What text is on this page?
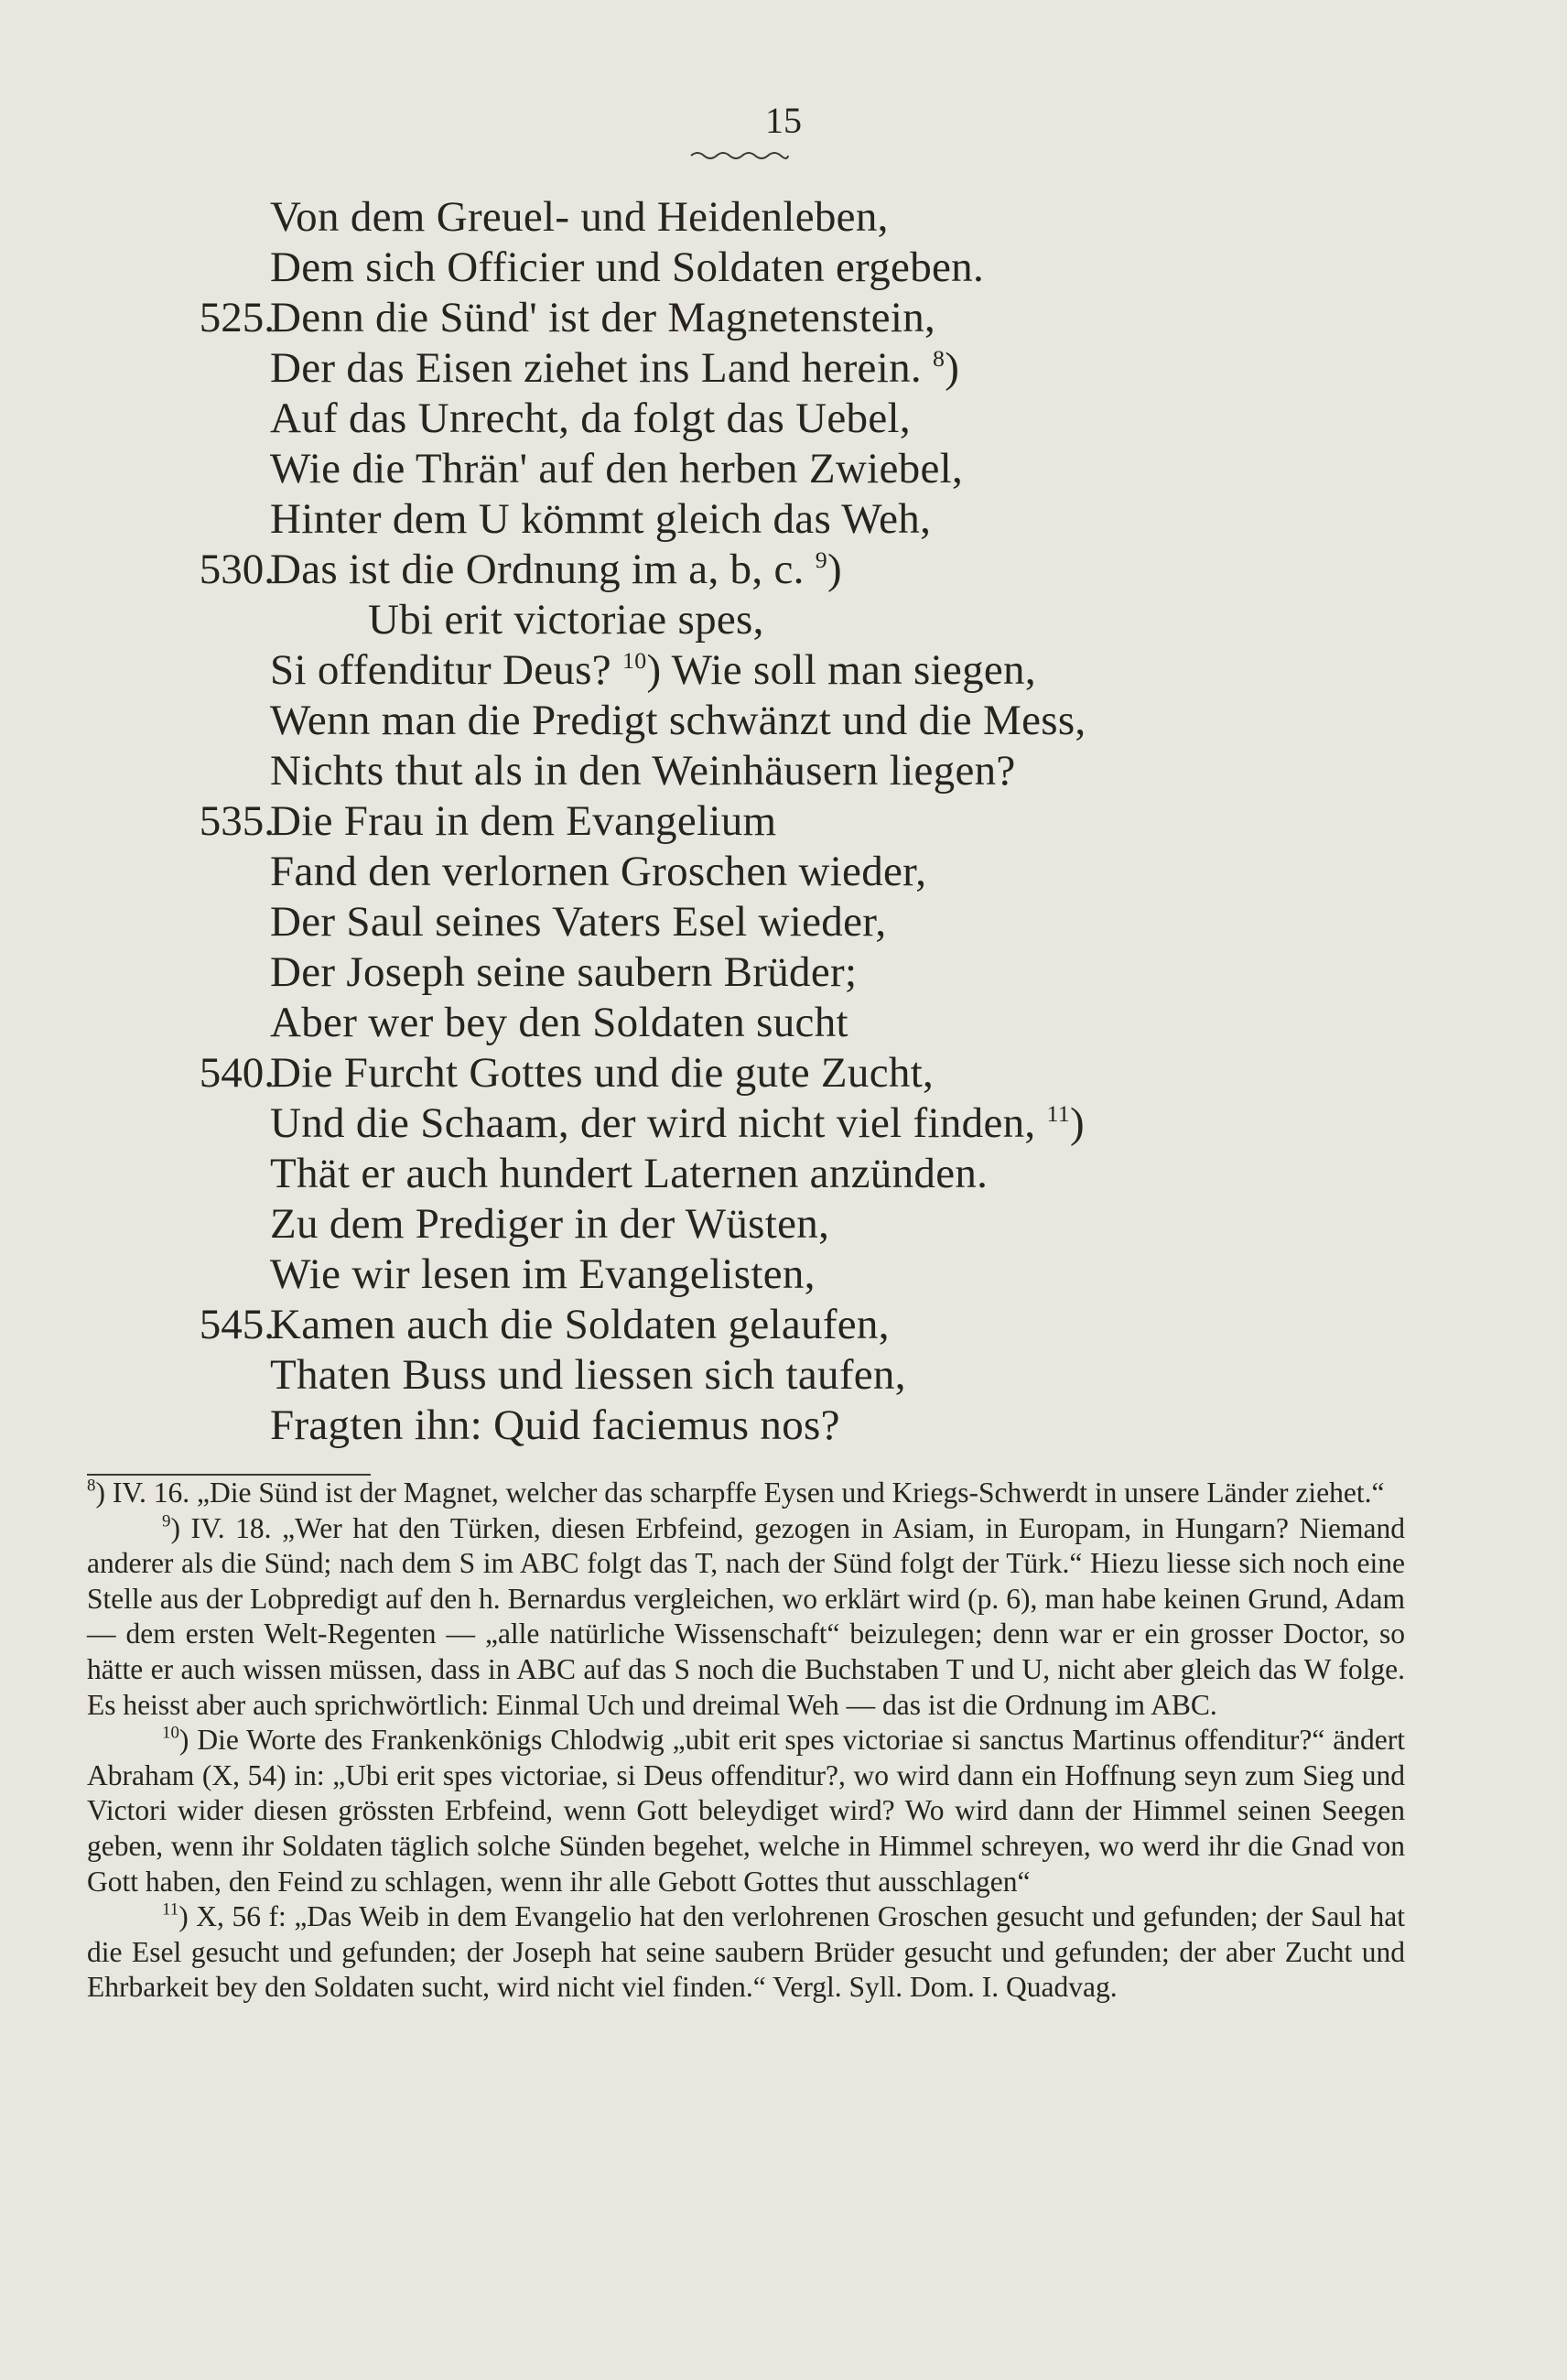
15
Von dem Greuel- und Heidenleben,
Dem sich Officier und Soldaten ergeben.
525.
Denn die Sünd' ist der Magnetenstein,
Der das Eisen ziehet ins Land herein. $^8$)
Auf das Unrecht, da folgt das Uebel,
Wie die Thrän' auf den herben Zwiebel,
Hinter dem U kömmt gleich das Weh,
530.
Das ist die Ordnung im a, b, c. $^9$)
Ubi erit victoriae spes,
Si offenditur Deus? $^{10}$) Wie soll man siegen,
Wenn man die Predigt schwänzt und die Mess,
Nichts thut als in den Weinhäusern liegen?
535.
Die Frau in dem Evangelium
Fand den verlornen Groschen wieder,
Der Saul seines Vaters Esel wieder,
Der Joseph seine saubern Brüder;
Aber wer bey den Soldaten sucht
540.
Die Furcht Gottes und die gute Zucht,
Und die Schaam, der wird nicht viel finden, $^{11}$)
Thät er auch hundert Laternen anzünden.
Zu dem Prediger in der Wüsten,
Wie wir lesen im Evangelisten,
545.
Kamen auch die Soldaten gelaufen,
Thaten Buss und liessen sich taufen,
Fragten ihn: Quid faciemus nos?

$^8$) IV. 16. „Die Sünd ist der Magnet, welcher das scharpffe Eysen und Kriegs-Schwerdt in unsere Länder ziehet.“

$^9$) IV. 18. „Wer hat den Türken, diesen Erbfeind, gezogen in Asiam, in Europam, in Hungarn? Niemand anderer als die Sünd; nach dem S im ABC folgt das T, nach der Sünd folgt der Türk.“ Hiezu liesse sich noch eine Stelle aus der Lobpredigt auf den h. Bernardus vergleichen, wo erklärt wird (p. 6), man habe keinen Grund, Adam — dem ersten Welt-Regenten — „alle natürliche Wissenschaft“ beizulegen; denn war er ein grosser Doctor, so hätte er auch wissen müssen, dass in ABC auf das S noch die Buchstaben T und U, nicht aber gleich das W folge. Es heisst aber auch sprichwörtlich: Einmal Uch und dreimal Weh — das ist die Ordnung im ABC.

$^{10}$) Die Worte des Frankenkönigs Chlodwig „ubit erit spes victoriae si sanctus Martinus offenditur?“ ändert Abraham (X, 54) in: „Ubi erit spes victoriae, si Deus offenditur?, wo wird dann ein Hoffnung seyn zum Sieg und Victori wider diesen grössten Erbfeind, wenn Gott beleydiget wird? Wo wird dann der Himmel seinen Seegen geben, wenn ihr Soldaten täglich solche Sünden begehet, welche in Himmel schreyen, wo werd ihr die Gnad von Gott haben, den Feind zu schlagen, wenn ihr alle Gebott Gottes thut ausschlagen“

$^{11}$) X, 56 f: „Das Weib in dem Evangelio hat den verlohrenen Groschen gesucht und gefunden; der Saul hat die Esel gesucht und gefunden; der Joseph hat seine saubern Brüder gesucht und gefunden; der aber Zucht und Ehrbarkeit bey den Soldaten sucht, wird nicht viel finden.“ Vergl. Syll. Dom. I. Quadvag.
